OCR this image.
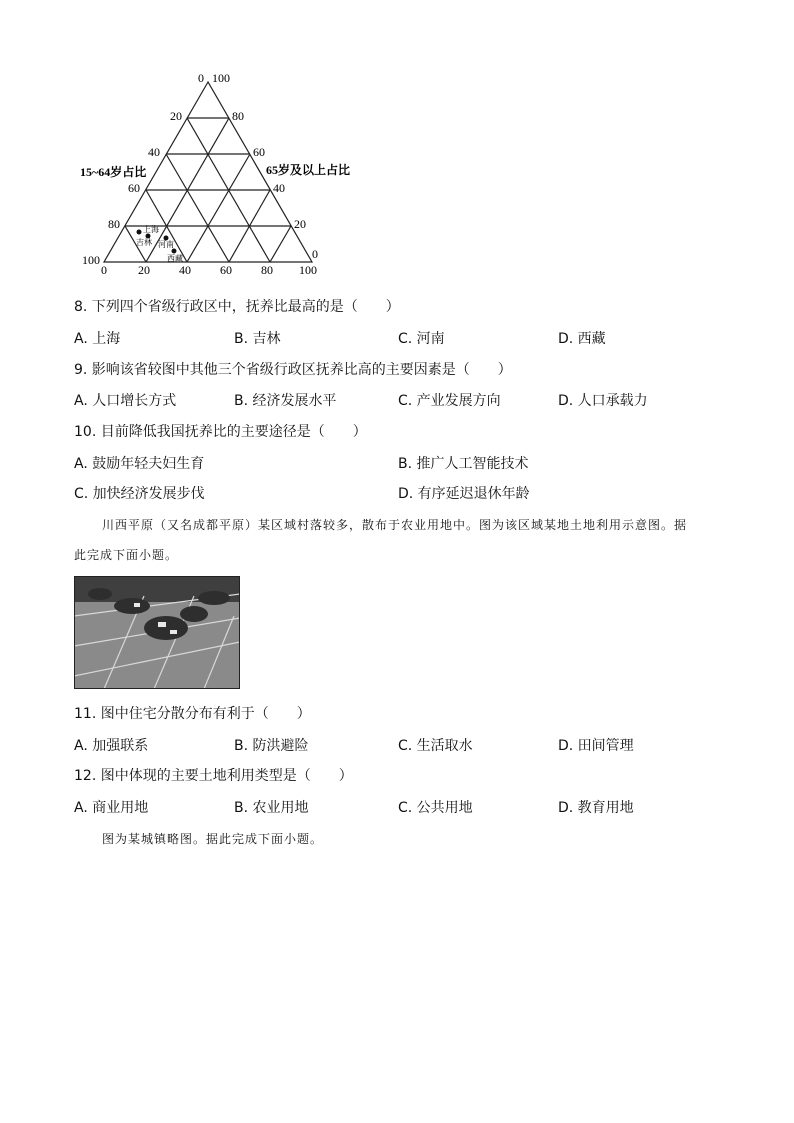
0 100
20
40
60
80
100
80
60
40
20
0
0	20 40 60 80 100
15~64岁占比	65岁及以上占比
上海
吉林 河南
西藏
8. 下列四个省级行政区中，抚养比最高的是（　　）
A. 上海	B. 吉林	C. 河南	D. 西藏
9. 影响该省较图中其他三个省级行政区抚养比高的主要因素是（　　）
A. 人口增长方式	B. 经济发展水平	C. 产业发展方向	D. 人口承载力
10. 目前降低我国抚养比的主要途径是（　　）
A. 鼓励年轻夫妇生育	B. 推广人工智能技术
C. 加快经济发展步伐	D. 有序延迟退休年龄
川西平原（又名成都平原）某区域村落较多，散布于农业用地中。图为该区域某地土地利用示意图。据
此完成下面小题。
11. 图中住宅分散分布有利于（　　）
A. 加强联系	B. 防洪避险	C. 生活取水	D. 田间管理
12. 图中体现的主要土地利用类型是（　　）
A. 商业用地	B. 农业用地	C. 公共用地	D. 教育用地
图为某城镇略图。据此完成下面小题。
